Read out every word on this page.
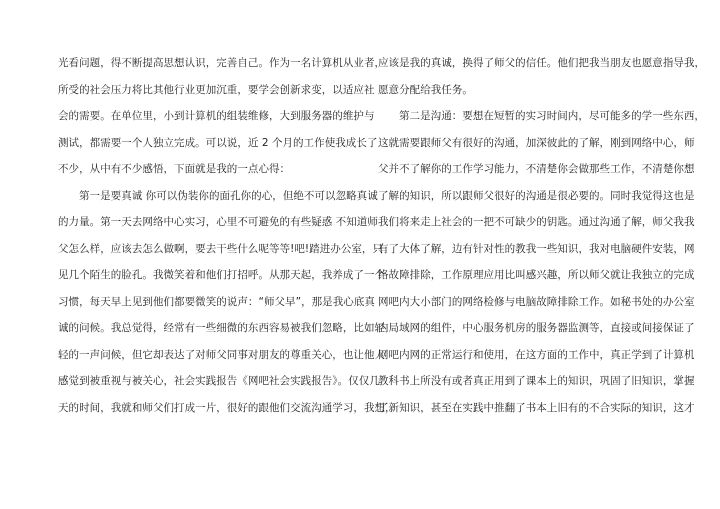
光看问题，得不断提高思想认识，完善自己。作为一名计算机从业者，
所受的社会压力将比其他行业更加沉重，要学会创新求变，以适应社
会的需要。在单位里，小到计算机的组装维修，大到服务器的维护与
测试，都需要一个人独立完成。可以说，近 2 个月的工作使我成长了
不少，从中有不少感悟，下面就是我的一点心得：
第一是要真诚 你可以伪装你的面孔你的心，但绝不可以忽略真诚
的力量。第一天去网络中心实习，心里不可避免的有些疑惑 不知道师
父怎么样，应该去怎么做啊，要去干些什么呢等等!吧!踏进办公室，只
见几个陌生的脸孔。我微笑着和他们打招呼。从那天起，我养成了一个
习惯，每天早上见到他们都要微笑的说声：“师父早”，那是我心底真
诚的问候。我总觉得，经常有一些细微的东西容易被我们忽略，比如轻
轻的一声问候，但它却表达了对师父同事对朋友的尊重关心，也让他人
感觉到被重视与被关心，社会实践报告《网吧社会实践报告》。仅仅几
天的时间，我就和师父们打成一片，很好的跟他们交流沟通学习，我想，
应该是我的真诚，换得了师父的信任。他们把我当朋友也愿意指导我，
愿意分配给我任务。
第二是沟通：要想在短暂的实习时间内，尽可能多的学一些东西，
这就需要跟师父有很好的沟通，加深彼此的了解，刚到网络中心，师
父并不了解你的工作学习能力，不清楚你会做那些工作，不清楚你想
了解的知识，所以跟师父很好的沟通是很必要的。同时我觉得这也是
我们将来走上社会的一把不可缺少的钥匙。通过沟通了解，师父我我
有了大体了解，边有针对性的教我一些知识，我对电脑硬件安装，网
络故障排除，工作原理应用比叫感兴趣，所以师父就让我独立的完成
网吧内大小部门的网络检修与电脑故障排除工作。如秘书处的办公室
内局域网的组件，中心服务机房的服务器监测等，直接或间接保证了
网吧内网的正常运行和使用，在这方面的工作中，真正学到了计算机
教科书上所没有或者真正用到了课本上的知识，巩固了旧知识，掌握
了新知识，甚至在实践中推翻了书本上旧有的不合实际的知识，这才
